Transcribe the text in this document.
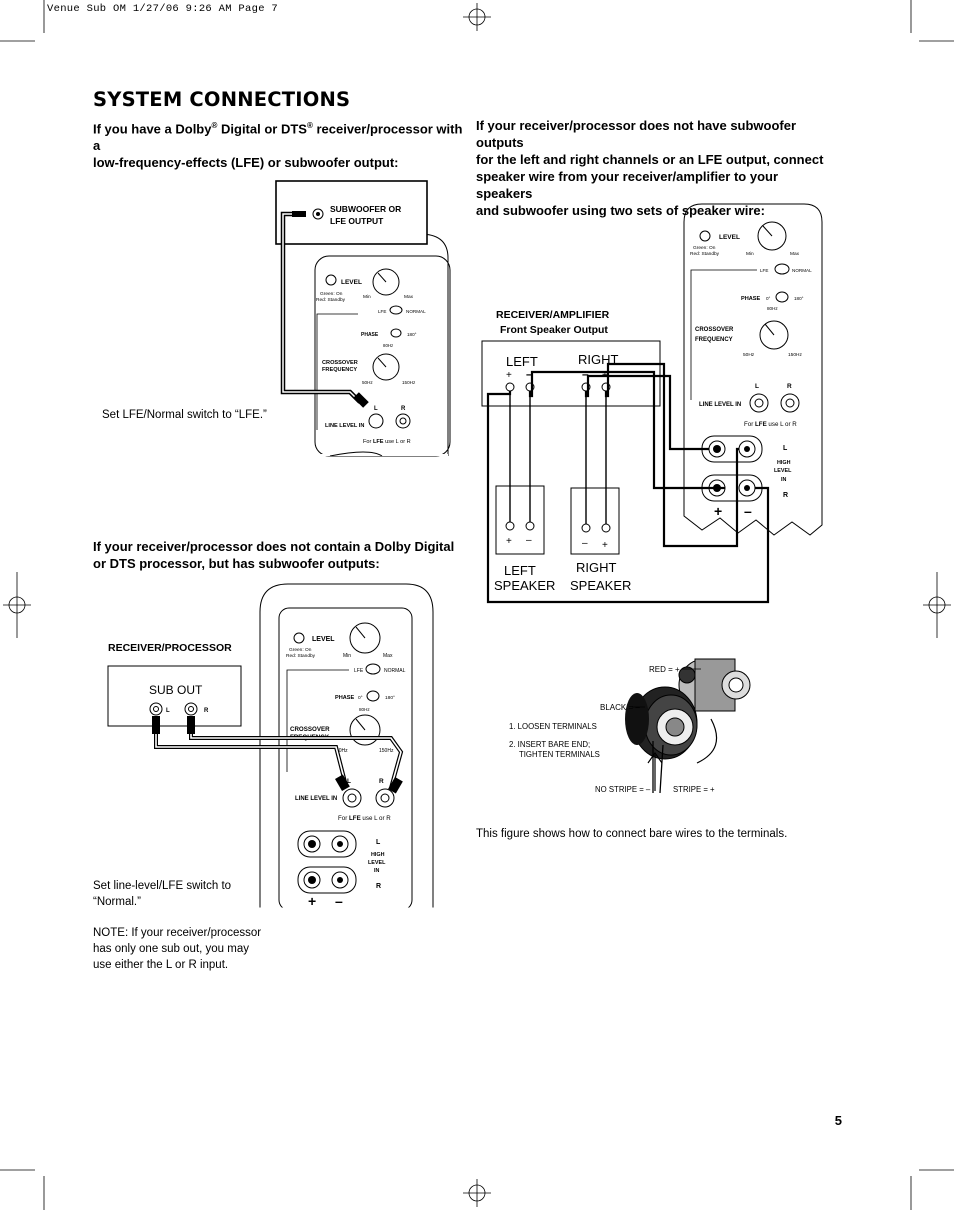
Venue Sub OM 1/27/06 9:26 AM Page 7
SYSTEM CONNECTIONS
If you have a Dolby® Digital or DTS® receiver/processor with a
low-frequency-effects (LFE) or subwoofer output:
Set LFE/Normal switch to “LFE.”
If your receiver/processor does not contain a Dolby Digital
or DTS processor, but has subwoofer outputs:
Set line-level/LFE switch to
“Normal.”
NOTE: If your receiver/processor
has only one sub out, you may
use either the L or R input.
If your receiver/processor does not have subwoofer outputs
for the left and right channels or an LFE output, connect
speaker wire from your receiver/amplifier to your speakers
and subwoofer using two sets of speaker wire:
This figure shows how to connect bare wires to the terminals.
5
SUBWOOFER OR
LFE OUTPUT
LEVEL
Green: On
Red: Standby
Min	Max
LFE	NORMAL
PHASE	180°
80Hz
CROSSOVER
FREQUENCY
50Hz	150Hz
L	R
LINE LEVEL IN
For LFE use L or R
LEVEL
Green: On
Red: Standby	Min	Max
LFE	NORMAL
PHASE 0°	180°
80Hz
CROSSOVER
FREQUENCY
50Hz	150Hz
L	R
LINE LEVEL IN
For LFE use L or R
L
HIGH
LEVEL
IN
R
+ –
RECEIVER/PROCESSOR
SUB OUT
L	R
LEVEL
Green: On
Red: Standby	Min	Max
LFE	NORMAL
PHASE 0°	180°
80Hz
CROSSOVER
FREQUENCY
50Hz	150Hz
L	R
LINE LEVEL IN
For LFE use L or R
L
HIGH
LEVEL
IN
R
+ –
RECEIVER/AMPLIFIER
Front Speaker Output
LEFT	RIGHT
+ –	– +
+ –
LEFT
SPEAKER
– +
RIGHT
SPEAKER
RED = +
BLACK = –
1. LOOSEN TERMINALS
2. INSERT BARE END;
TIGHTEN TERMINALS
NO STRIPE = –	STRIPE = +
